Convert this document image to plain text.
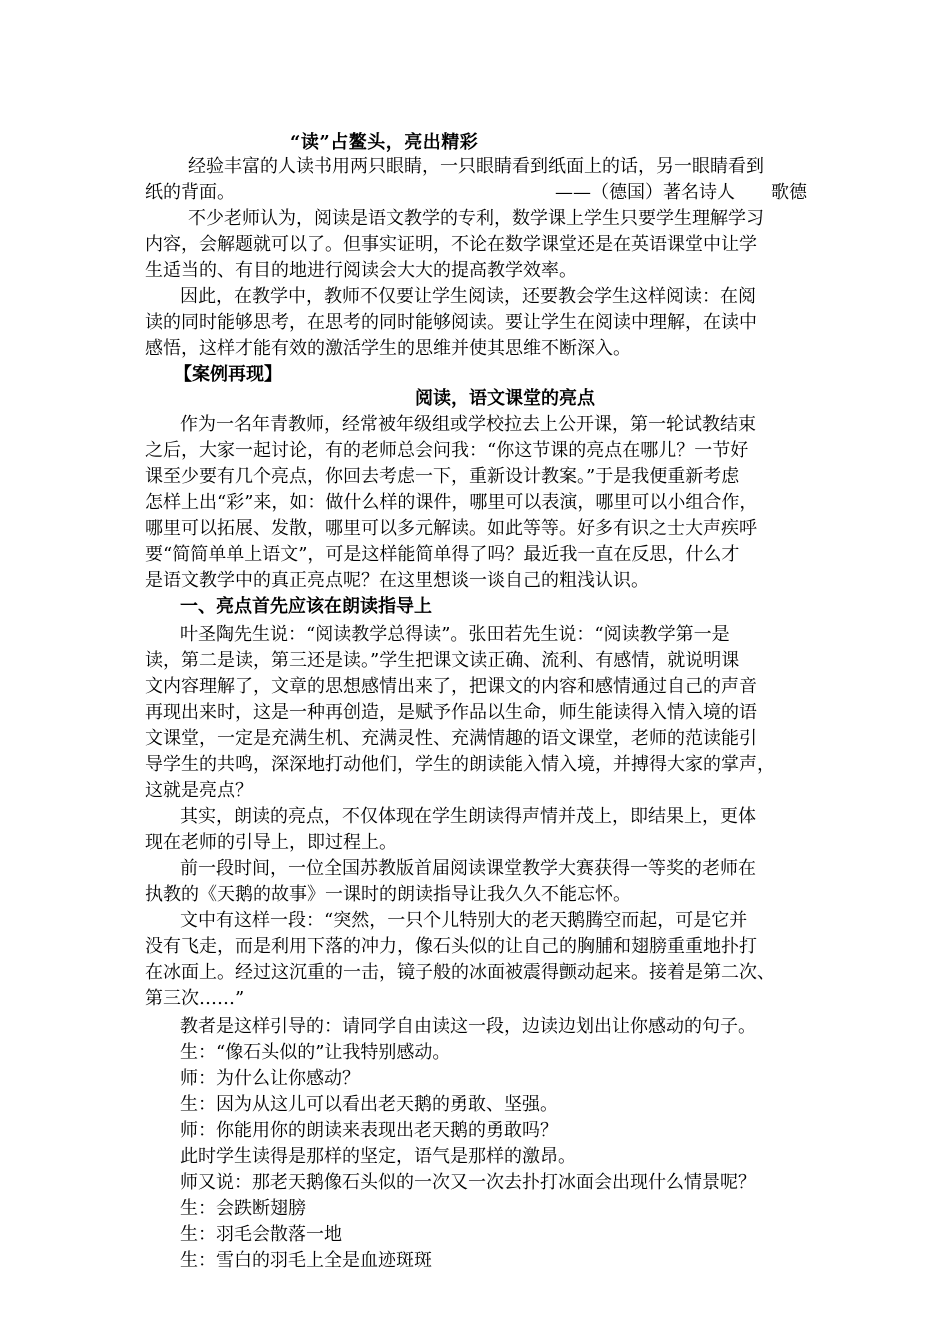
“读”占鳌头，亮出精彩
经验丰富的人读书用两只眼睛，一只眼睛看到纸面上的话，另一眼睛看到
纸的背面。	——（德国）著名诗人　　歌德
不少老师认为，阅读是语文教学的专利，数学课上学生只要学生理解学习
内容，会解题就可以了。但事实证明，不论在数学课堂还是在英语课堂中让学
生适当的、有目的地进行阅读会大大的提高教学效率。
因此，在教学中，教师不仅要让学生阅读，还要教会学生这样阅读：在阅
读的同时能够思考，在思考的同时能够阅读。要让学生在阅读中理解，在读中
感悟，这样才能有效的激活学生的思维并使其思维不断深入。
【案例再现】
阅读，语文课堂的亮点
作为一名年青教师，经常被年级组或学校拉去上公开课，第一轮试教结束
之后，大家一起讨论，有的老师总会问我：“你这节课的亮点在哪儿？一节好
课至少要有几个亮点，你回去考虑一下，重新设计教案。”于是我便重新考虑
怎样上出“彩”来，如：做什么样的课件，哪里可以表演，哪里可以小组合作，
哪里可以拓展、发散，哪里可以多元解读。如此等等。好多有识之士大声疾呼
要“简简单单上语文”，可是这样能简单得了吗？最近我一直在反思，什么才
是语文教学中的真正亮点呢？在这里想谈一谈自己的粗浅认识。
一、亮点首先应该在朗读指导上
叶圣陶先生说：“阅读教学总得读”。张田若先生说：“阅读教学第一是
读，第二是读，第三还是读。”学生把课文读正确、流利、有感情，就说明课
文内容理解了，文章的思想感情出来了，把课文的内容和感情通过自己的声音
再现出来时，这是一种再创造，是赋予作品以生命，师生能读得入情入境的语
文课堂，一定是充满生机、充满灵性、充满情趣的语文课堂，老师的范读能引
导学生的共鸣，深深地打动他们，学生的朗读能入情入境，并搏得大家的掌声，
这就是亮点？
其实，朗读的亮点，不仅体现在学生朗读得声情并茂上，即结果上，更体
现在老师的引导上，即过程上。
前一段时间，一位全国苏教版首届阅读课堂教学大赛获得一等奖的老师在
执教的《天鹅的故事》一课时的朗读指导让我久久不能忘怀。
文中有这样一段：“突然，一只个儿特别大的老天鹅腾空而起，可是它并
没有飞走，而是利用下落的冲力，像石头似的让自己的胸脯和翅膀重重地扑打
在冰面上。经过这沉重的一击，镜子般的冰面被震得颤动起来。接着是第二次、
第三次……”
教者是这样引导的：请同学自由读这一段，边读边划出让你感动的句子。
生：“像石头似的”让我特别感动。
师：为什么让你感动？
生：因为从这儿可以看出老天鹅的勇敢、坚强。
师：你能用你的朗读来表现出老天鹅的勇敢吗？
此时学生读得是那样的坚定，语气是那样的激昂。
师又说：那老天鹅像石头似的一次又一次去扑打冰面会出现什么情景呢？
生：会跌断翅膀
生：羽毛会散落一地
生：雪白的羽毛上全是血迹斑斑
